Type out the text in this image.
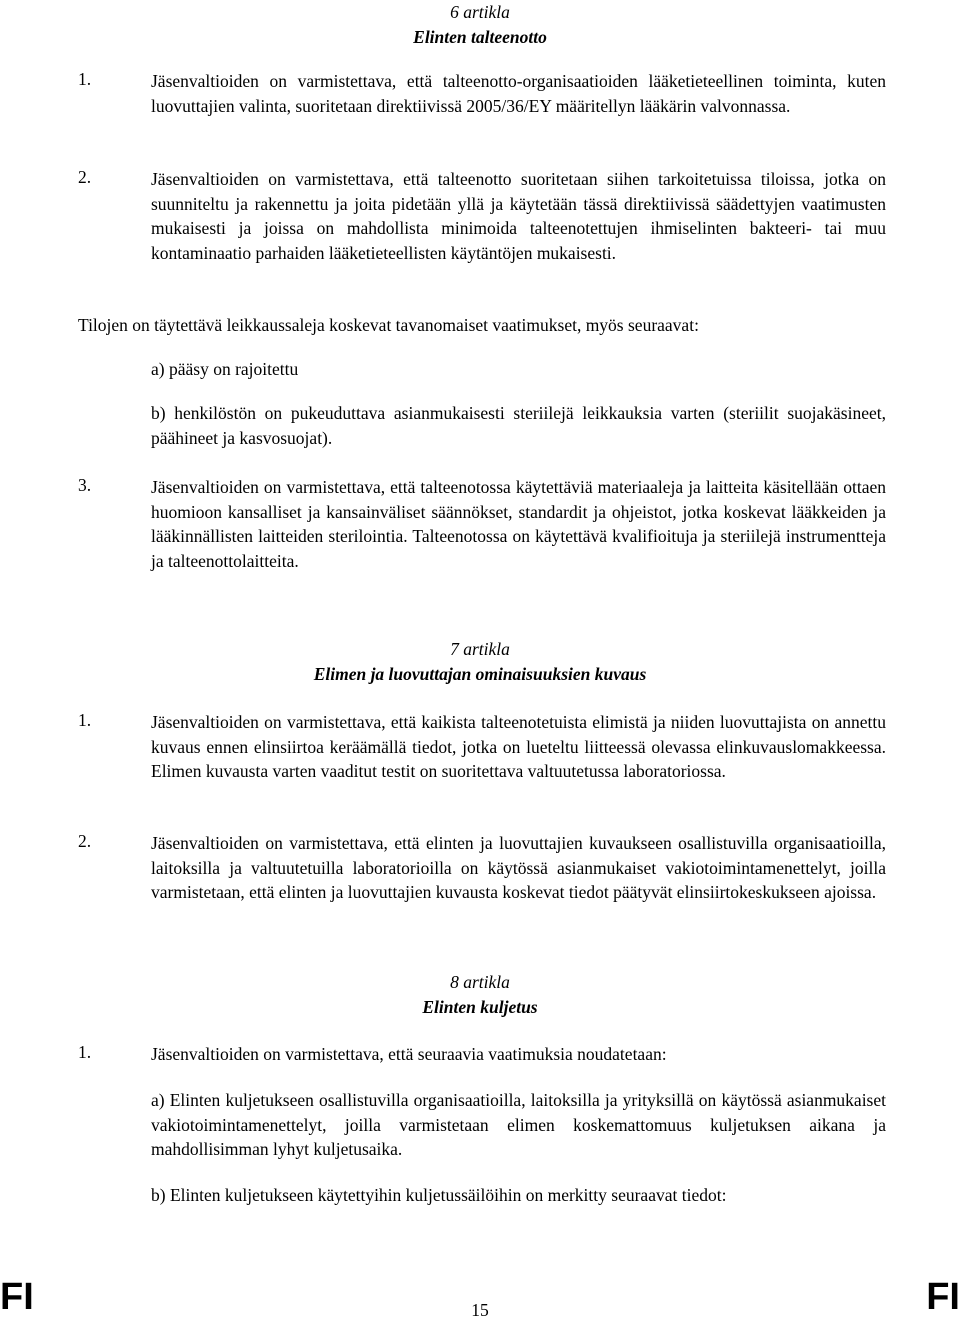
6 artikla
Elinten talteenotto
1.	Jäsenvaltioiden on varmistettava, että talteenotto-organisaatioiden lääketieteellinen toiminta, kuten luovuttajien valinta, suoritetaan direktiivissä 2005/36/EY määritellyn lääkärin valvonnassa.
2.	Jäsenvaltioiden on varmistettava, että talteenotto suoritetaan siihen tarkoitetuissa tiloissa, jotka on suunniteltu ja rakennettu ja joita pidetään yllä ja käytetään tässä direktiivissä säädettyjen vaatimusten mukaisesti ja joissa on mahdollista minimoida talteenotettujen ihmiselinten bakteeri- tai muu kontaminaatio parhaiden lääketieteellisten käytäntöjen mukaisesti.
Tilojen on täytettävä leikkaussaleja koskevat tavanomaiset vaatimukset, myös seuraavat:
a) pääsy on rajoitettu
b) henkilöstön on pukeuduttava asianmukaisesti steriilejä leikkauksia varten (steriilit suojakäsineet, päähineet ja kasvosuojat).
3.	Jäsenvaltioiden on varmistettava, että talteenotossa käytettäviä materiaaleja ja laitteita käsitellään ottaen huomioon kansalliset ja kansainväliset säännökset, standardit ja ohjeistot, jotka koskevat lääkkeiden ja lääkinnällisten laitteiden sterilointia. Talteenotossa on käytettävä kvalifioituja ja steriilejä instrumentteja ja talteenottolaitteita.
7 artikla
Elimen ja luovuttajan ominaisuuksien kuvaus
1.	Jäsenvaltioiden on varmistettava, että kaikista talteenotetuista elimistä ja niiden luovuttajista on annettu kuvaus ennen elinsiirtoa keräämällä tiedot, jotka on lueteltu liitteessä olevassa elinkuvauslomakkeessa. Elimen kuvausta varten vaaditut testit on suoritettava valtuutetussa laboratoriossa.
2.	Jäsenvaltioiden on varmistettava, että elinten ja luovuttajien kuvaukseen osallistuvilla organisaatioilla, laitoksilla ja valtuutetuilla laboratorioilla on käytössä asianmukaiset vakiotoimintamenettelyt, joilla varmistetaan, että elinten ja luovuttajien kuvausta koskevat tiedot päätyvät elinsiirtokeskukseen ajoissa.
8 artikla
Elinten kuljetus
1.	Jäsenvaltioiden on varmistettava, että seuraavia vaatimuksia noudatetaan:
a) Elinten kuljetukseen osallistuvilla organisaatioilla, laitoksilla ja yrityksillä on käytössä asianmukaiset vakiotoimintamenettelyt, joilla varmistetaan elimen koskemattomuus kuljetuksen aikana ja mahdollisimman lyhyt kuljetusaika.
b) Elinten kuljetukseen käytettyihin kuljetussäilöihin on merkitty seuraavat tiedot:
FI	15	FI
